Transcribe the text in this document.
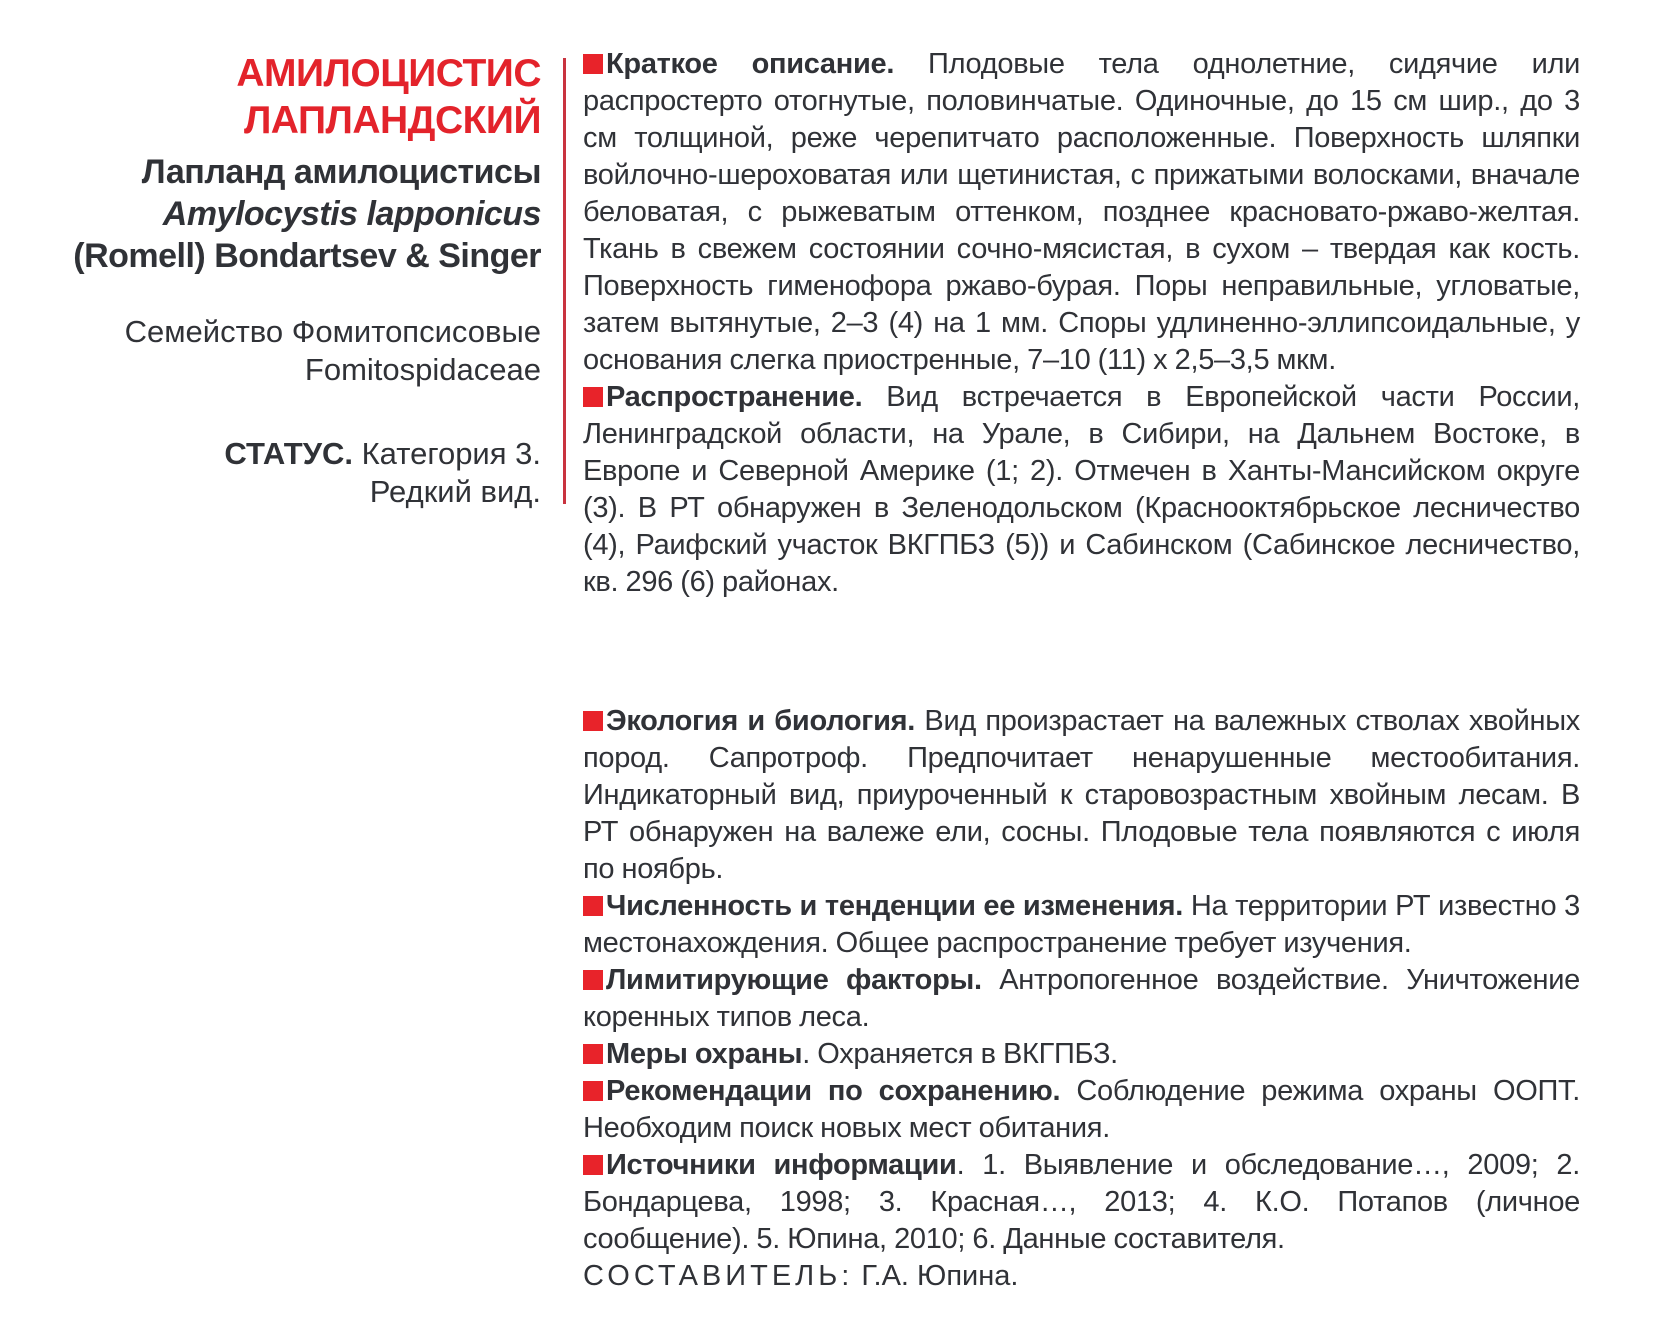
АМИЛОЦИСТИС
ЛАПЛАНДСКИЙ
Лапланд амилоцистисы
Amylocystis lapponicus
(Romell) Bondartsev & Singer
Семейство Фомитопсисовые
Fomitospidaceae
СТАТУС. Категория 3.
Редкий вид.

Краткое описание. Плодовые тела однолетние, сидячие или распростерто отогнутые, половинчатые. Одиночные, до 15 см шир., до 3 см толщиной, реже черепитчато расположенные. Поверхность шляпки войлочно-шероховатая или щетинистая, с прижатыми волосками, вначале беловатая, с рыжеватым оттенком, позднее красновато-ржаво-желтая. Ткань в свежем состоянии сочно-мясистая, в сухом – твердая как кость. Поверхность гименофора ржаво-бурая. Поры неправильные, угловатые, затем вытянутые, 2–3 (4) на 1 мм. Споры удлиненно-эллипсоидальные, у основания слегка приостренные, 7–10 (11) x 2,5–3,5 мкм.

Распространение. Вид встречается в Европейской части России, Ленинградской области, на Урале, в Сибири, на Дальнем Востоке, в Европе и Северной Америке (1; 2). Отмечен в Ханты-Мансийском округе (3). В РТ обнаружен в Зеленодольском (Краснооктябрьское лесничество (4), Раифский участок ВКГПБЗ (5)) и Сабинском (Сабинское лесничество, кв. 296 (6) районах.

Экология и биология. Вид произрастает на валежных стволах хвойных пород. Сапротроф. Предпочитает ненарушенные местообитания. Индикаторный вид, приуроченный к старовозрастным хвойным лесам. В РТ обнаружен на валеже ели, сосны. Плодовые тела появляются с июля по ноябрь.

Численность и тенденции ее изменения. На территории РТ известно 3 местонахождения. Общее распространение требует изучения.

Лимитирующие факторы. Антропогенное воздействие. Уничтожение коренных типов леса.

Меры охраны. Охраняется в ВКГПБЗ.

Рекомендации по сохранению. Соблюдение режима охраны ООПТ. Необходим поиск новых мест обитания.

Источники информации. 1. Выявление и обследование…, 2009; 2. Бондарцева, 1998; 3. Красная…, 2013; 4. К.О. Потапов (личное сообщение). 5. Юпина, 2010; 6. Данные составителя.

СОСТАВИТЕЛЬ: Г.А. Юпина.
